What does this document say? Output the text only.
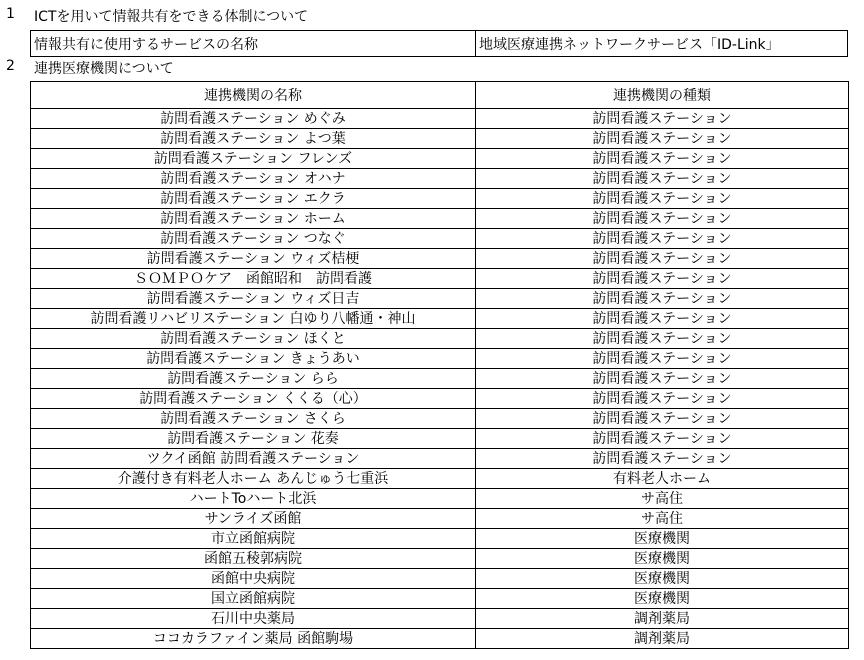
1 ICTを用いて情報共有をできる体制について
情報共有に使用するサービスの名称	地域医療連携ネットワークサービス「ID-Link」
2 連携医療機関について
連携機関の名称	連携機関の種類
訪問看護ステーション めぐみ	訪問看護ステーション
訪問看護ステーション よつ葉	訪問看護ステーション
訪問看護ステーション フレンズ	訪問看護ステーション
訪問看護ステーション オハナ	訪問看護ステーション
訪問看護ステーション エクラ	訪問看護ステーション
訪問看護ステーション ホーム	訪問看護ステーション
訪問看護ステーション つなぐ	訪問看護ステーション
訪問看護ステーション ウィズ桔梗	訪問看護ステーション
ＳＯＭＰＯケア　函館昭和　訪問看護	訪問看護ステーション
訪問看護ステーション ウィズ日吉	訪問看護ステーション
訪問看護リハビリステーション 白ゆり八幡通・神山	訪問看護ステーション
訪問看護ステーション ほくと	訪問看護ステーション
訪問看護ステーション きょうあい	訪問看護ステーション
訪問看護ステーション らら	訪問看護ステーション
訪問看護ステーション くくる（心）	訪問看護ステーション
訪問看護ステーション さくら	訪問看護ステーション
訪問看護ステーション 花奏	訪問看護ステーション
ツクイ函館 訪問看護ステーション	訪問看護ステーション
介護付き有料老人ホーム あんじゅう七重浜	有料老人ホーム
ハートToハート北浜	サ高住
サンライズ函館	サ高住
市立函館病院	医療機関
函館五稜郭病院	医療機関
函館中央病院	医療機関
国立函館病院	医療機関
石川中央薬局	調剤薬局
ココカラファイン薬局 函館駒場	調剤薬局
